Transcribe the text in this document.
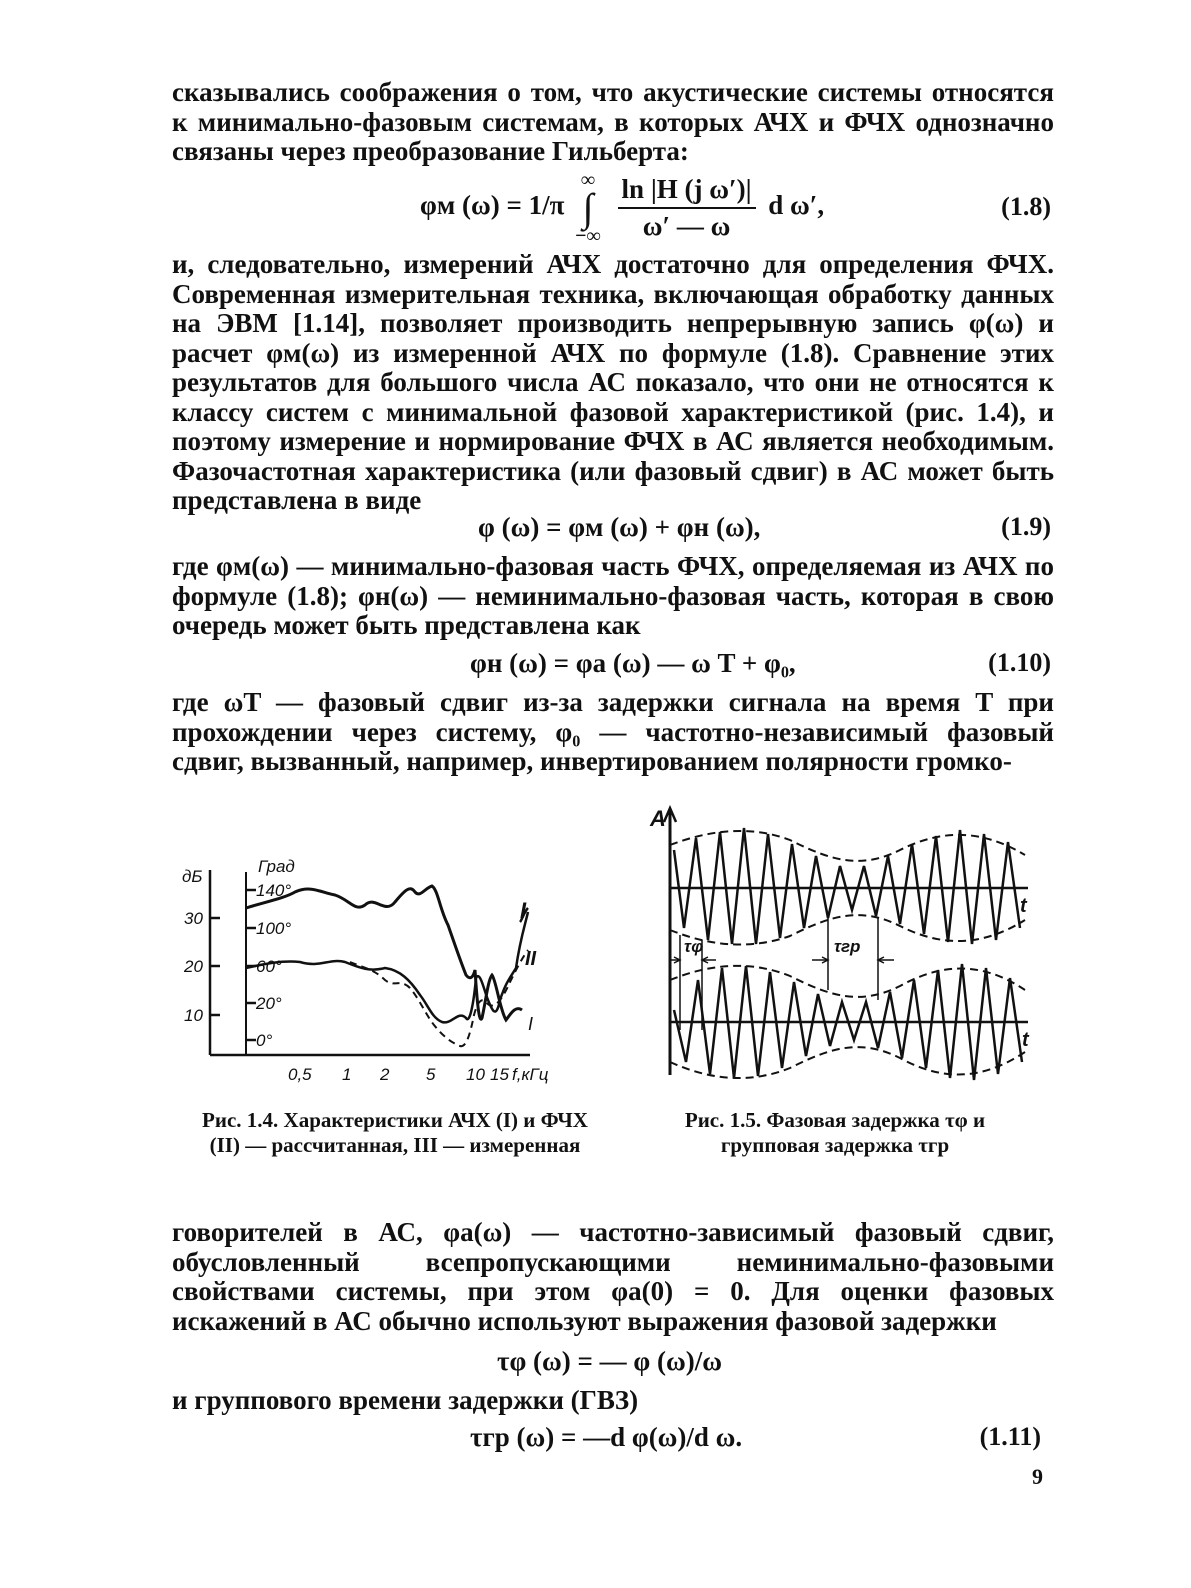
сказывались соображения о том, что акустические системы относятся к минимально-фазовым системам, в которых АЧХ и ФЧХ однозначно связаны через преобразование Гильберта:

φм (ω) = 1/π ∞
∫
−∞ $\frac{\text{ln |H (j ω′)|}}{\omega' — \omega}$ d ω′,	(1.8)

и, следовательно, измерений АЧХ достаточно для определения ФЧХ. Современная измерительная техника, включающая обработку данных на ЭВМ [1.14], позволяет производить непрерывную запись φ(ω) и расчет φм(ω) из измеренной АЧХ по формуле (1.8). Сравнение этих результатов для большого числа АС показало, что они не относятся к классу систем с минимальной фазовой характеристикой (рис. 1.4), и поэтому измерение и нормирование ФЧХ в АС является необходимым. Фазочастотная характеристика (или фазовый сдвиг) в АС может быть представлена в виде

φ (ω) = φм (ω) + φн (ω),	(1.9)

где φм(ω) — минимально-фазовая часть ФЧХ, определяемая из АЧХ по формуле (1.8); φн(ω) — неминимально-фазовая часть, которая в свою очередь может быть представлена как

φн (ω) = φа (ω) — ω T + φ₀,	(1.10)

где ωT — фазовый сдвиг из-за задержки сигнала на время T при прохождении через систему, φ₀ — частотно-независимый фазовый сдвиг, вызванный, например, инвертированием полярности громко-

дБ
Град
30
20
10
140°
100°
60°
20°
0°
0,5 1 2 5 10 15 f,кГц
I
II
I
Рис. 1.4. Характеристики АЧХ (I) и ФЧХ (II) — рассчитанная, III — измеренная
A
t
t
τφ	τгр
Рис. 1.5. Фазовая задержка τφ и групповая задержка τгр

говорителей в АС, φа(ω) — частотно-зависимый фазовый сдвиг, обусловленный всепропускающими неминимально-фазовыми свойствами системы, при этом φа(0) = 0. Для оценки фазовых искажений в АС обычно используют выражения фазовой задержки

τφ (ω) = — φ (ω)/ω

и группового времени задержки (ГВЗ)

τгр (ω) = —d φ(ω)/d ω.	(1.11)
9
